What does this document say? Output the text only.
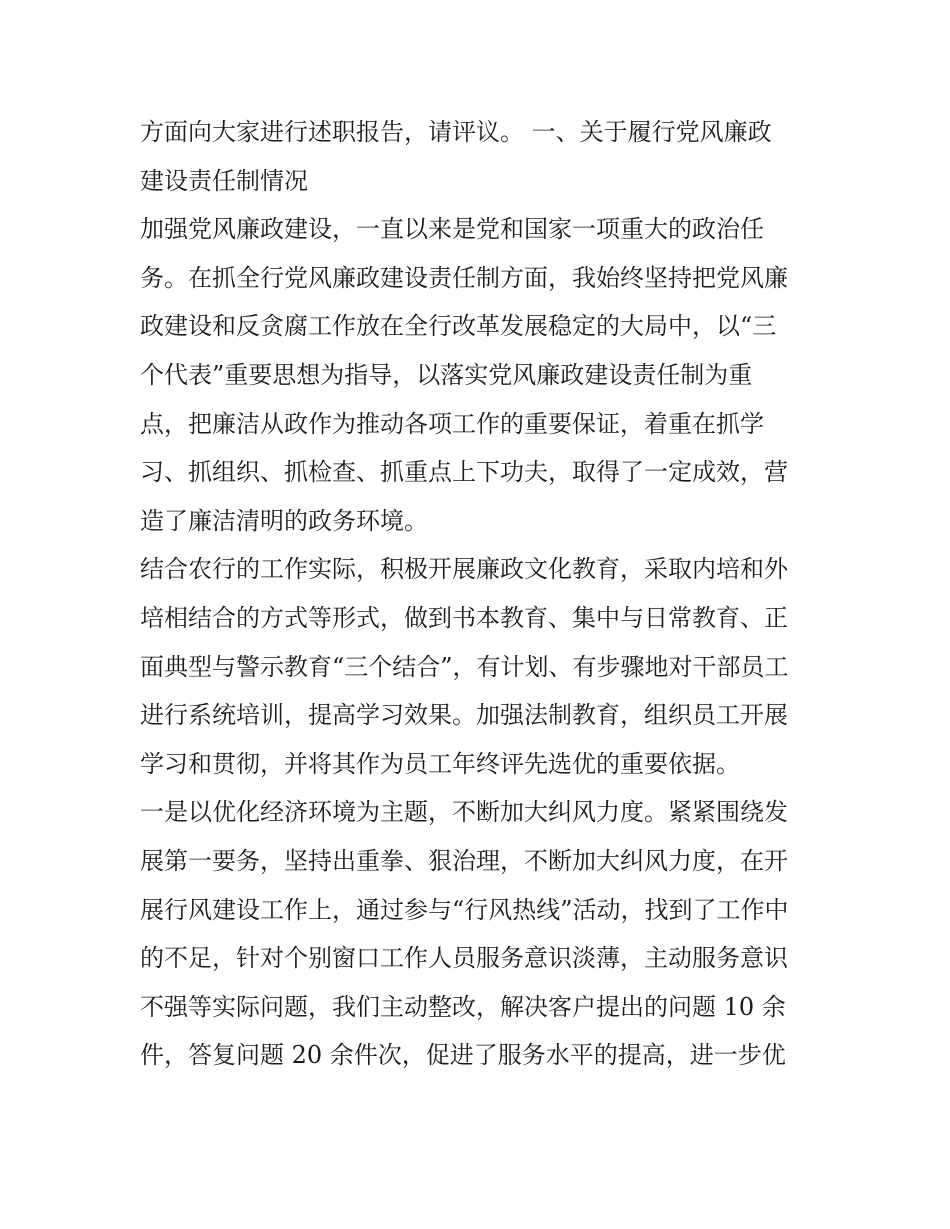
方面向大家进行述职报告，请评议。 一、关于履行党风廉政
建设责任制情况
加强党风廉政建设，一直以来是党和国家一项重大的政治任
务。在抓全行党风廉政建设责任制方面，我始终坚持把党风廉
政建设和反贪腐工作放在全行改革发展稳定的大局中，以“三
个代表”重要思想为指导，以落实党风廉政建设责任制为重
点，把廉洁从政作为推动各项工作的重要保证，着重在抓学
习、抓组织、抓检查、抓重点上下功夫，取得了一定成效，营
造了廉洁清明的政务环境。
结合农行的工作实际，积极开展廉政文化教育，采取内培和外
培相结合的方式等形式，做到书本教育、集中与日常教育、正
面典型与警示教育“三个结合”，有计划、有步骤地对干部员工
进行系统培训，提高学习效果。加强法制教育，组织员工开展
学习和贯彻，并将其作为员工年终评先选优的重要依据。
一是以优化经济环境为主题，不断加大纠风力度。紧紧围绕发
展第一要务，坚持出重拳、狠治理，不断加大纠风力度，在开
展行风建设工作上，通过参与“行风热线”活动，找到了工作中
的不足，针对个别窗口工作人员服务意识淡薄，主动服务意识
不强等实际问题，我们主动整改，解决客户提出的问题 10 余
件，答复问题 20 余件次，促进了服务水平的提高，进一步优
